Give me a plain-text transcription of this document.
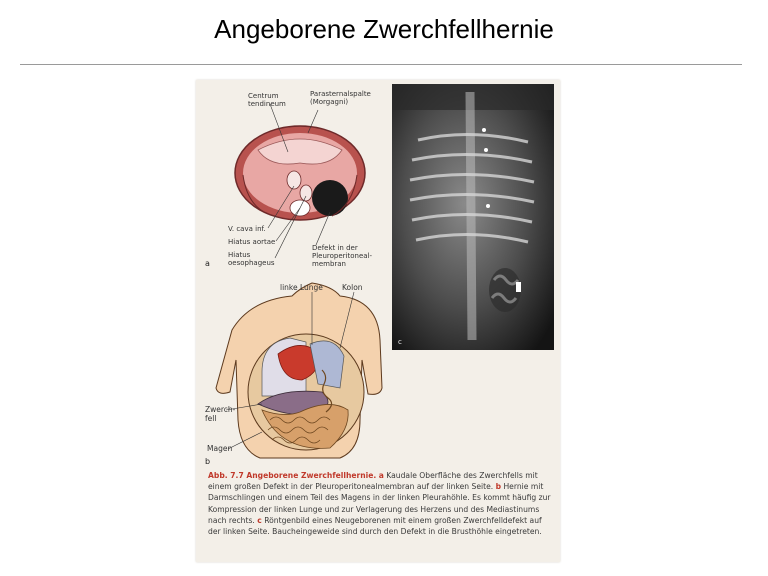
Angeborene Zwerchfellhernie
Centrum
tendineum
Parasternalspalte
(Morgagni)
V. cava inf.
Hiatus aortae
Hiatus
oesophageus
Defekt in der
Pleuroperitoneal-
membran
a
linke Lunge	Kolon
Zwerch-
fell
Magen
b
c
Abb. 7.7 Angeborene Zwerchfellhernie. a Kaudale Oberfläche des Zwerchfells mit einem großen Defekt in der Pleuroperitonealmembran auf der linken Seite. b Hernie mit Darmschlingen und einem Teil des Magens in der linken Pleurahöhle. Es kommt häufig zur Kompression der linken Lunge und zur Verlagerung des Herzens und des Mediastinums nach rechts. c Röntgenbild eines Neugeborenen mit einem großen Zwerchfelldefekt auf der linken Seite. Baucheingeweide sind durch den Defekt in die Brusthöhle eingetreten.
